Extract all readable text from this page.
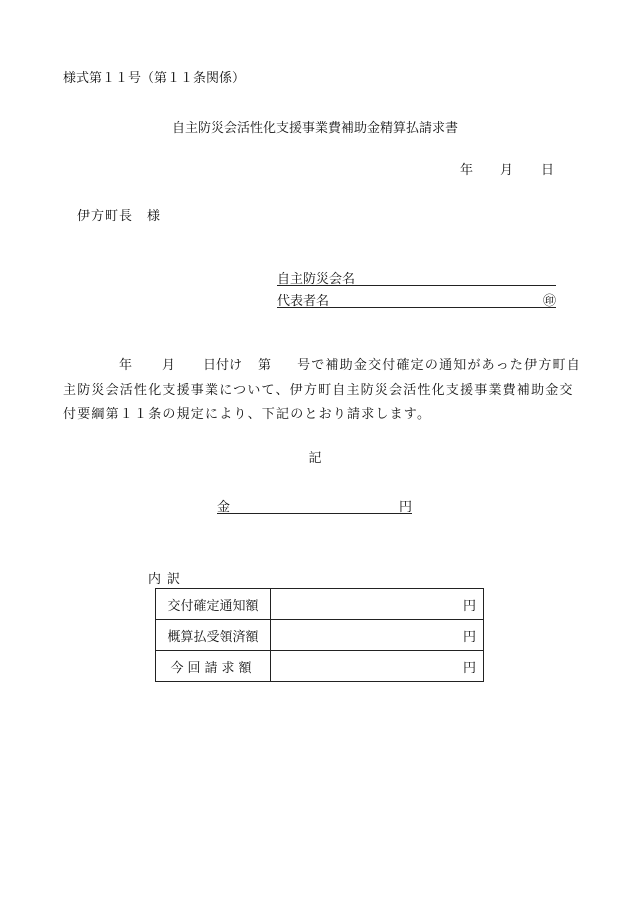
様式第１１号（第１１条関係）
自主防災会活性化支援事業費補助金精算払請求書
年 月 日
伊方町長　様
自主防災会名
代表者名	㊞
年 月 日付け 第 号で補助金交付確定の通知があった伊方町自主防災会活性化支援事業について、伊方町自主防災会活性化支援事業費補助金交付要綱第１１条の規定により、下記のとおり請求します。
記
金	円
内訳
交付確定通知額	円
概算払受領済額	円
今回請求額	円
